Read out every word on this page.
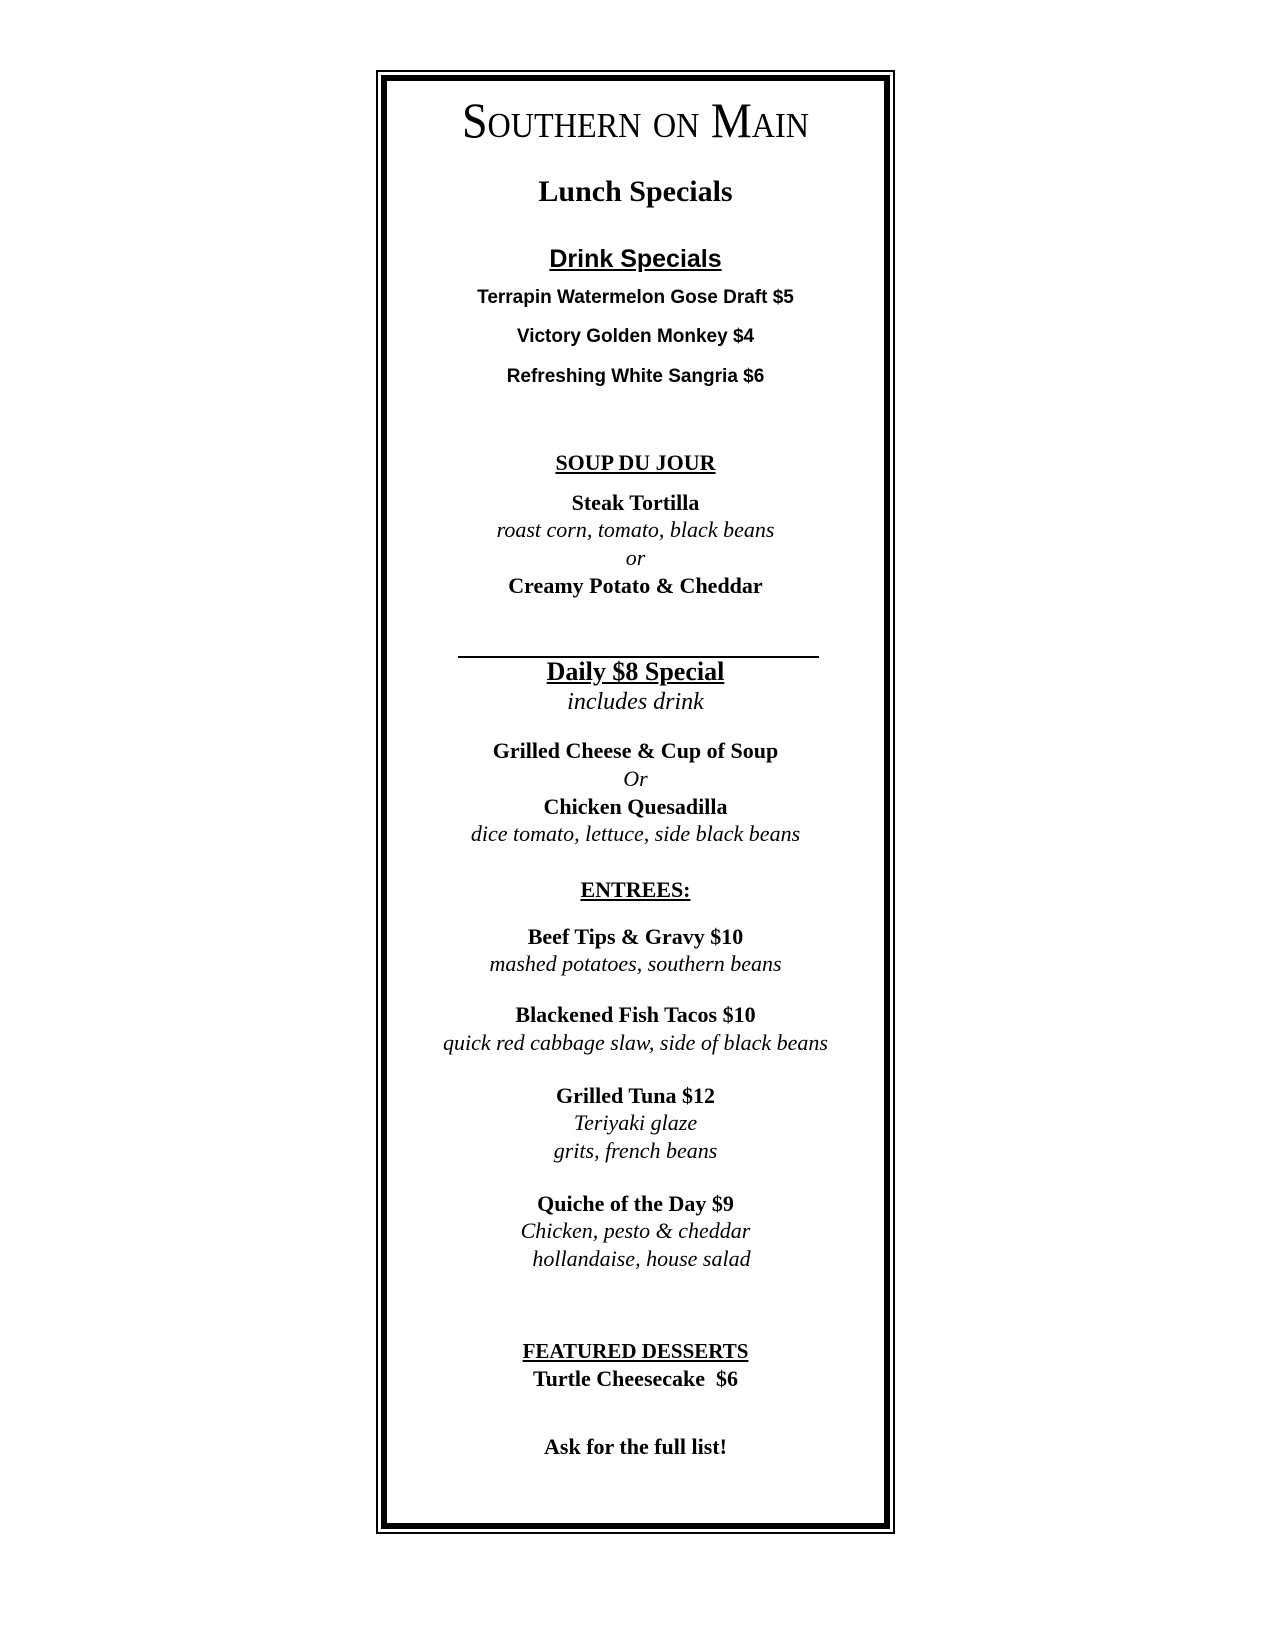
Southern on Main

Lunch Specials

Drink Specials

Terrapin Watermelon Gose Draft $5

Victory Golden Monkey $4

Refreshing White Sangria $6

SOUP DU JOUR

Steak Tortilla

roast corn, tomato, black beans

or

Creamy Potato & Cheddar

Daily $8 Special

includes drink

Grilled Cheese & Cup of Soup

Or

Chicken Quesadilla

dice tomato, lettuce, side black beans

ENTREES:

Beef Tips & Gravy $10

mashed potatoes, southern beans

Blackened Fish Tacos $10

quick red cabbage slaw, side of black beans

Grilled Tuna $12

Teriyaki glaze

grits, french beans

Quiche of the Day $9

Chicken, pesto & cheddar

hollandaise, house salad

FEATURED DESSERTS

Turtle Cheesecake  $6

Ask for the full list!
